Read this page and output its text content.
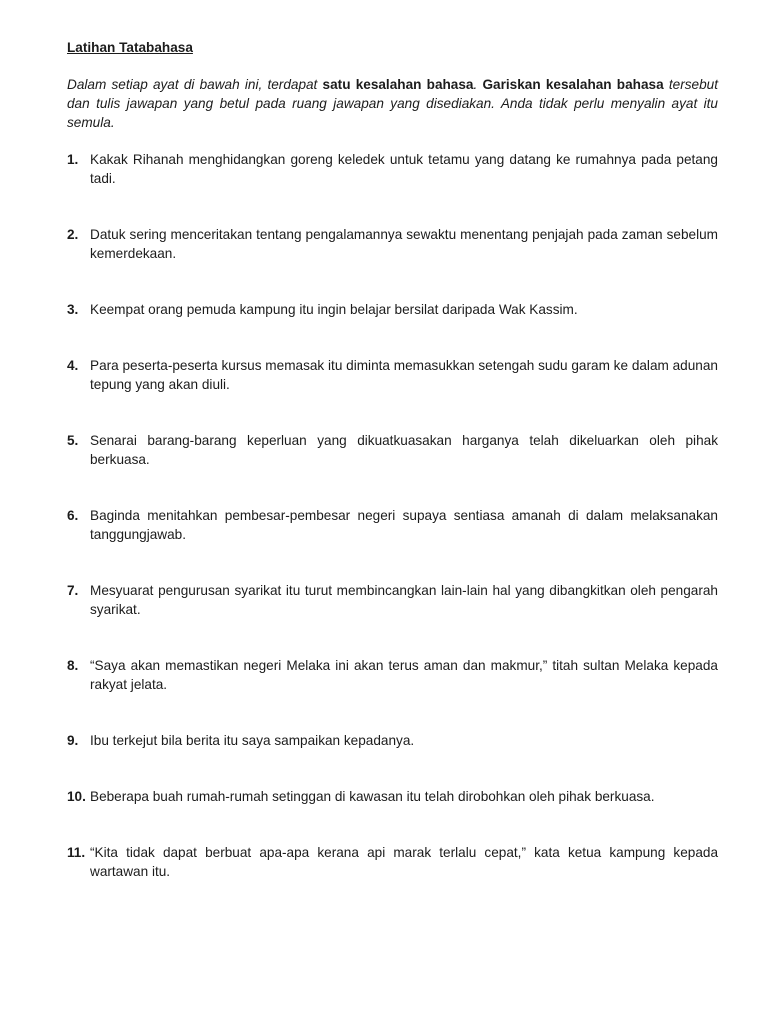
Latihan Tatabahasa

Dalam setiap ayat di bawah ini, terdapat satu kesalahan bahasa. Gariskan kesalahan bahasa tersebut dan tulis jawapan yang betul pada ruang jawapan yang disediakan. Anda tidak perlu menyalin ayat itu semula.

1. Kakak Rihanah menghidangkan goreng keledek untuk tetamu yang datang ke rumahnya pada petang tadi.
2. Datuk sering menceritakan tentang pengalamannya sewaktu menentang penjajah pada zaman sebelum kemerdekaan.
3. Keempat orang pemuda kampung itu ingin belajar bersilat daripada Wak Kassim.
4. Para peserta-peserta kursus memasak itu diminta memasukkan setengah sudu garam ke dalam adunan tepung yang akan diuli.
5. Senarai barang-barang keperluan yang dikuatkuasakan harganya telah dikeluarkan oleh pihak berkuasa.
6. Baginda menitahkan pembesar-pembesar negeri supaya sentiasa amanah di dalam melaksanakan tanggungjawab.
7. Mesyuarat pengurusan syarikat itu turut membincangkan lain-lain hal yang dibangkitkan oleh pengarah syarikat.
8. “Saya akan memastikan negeri Melaka ini akan terus aman dan makmur,” titah sultan Melaka kepada rakyat jelata.
9. Ibu terkejut bila berita itu saya sampaikan kepadanya.
10. Beberapa buah rumah-rumah setinggan di kawasan itu telah dirobohkan oleh pihak berkuasa.
11. “Kita tidak dapat berbuat apa-apa kerana api marak terlalu cepat,” kata ketua kampung kepada wartawan itu.
